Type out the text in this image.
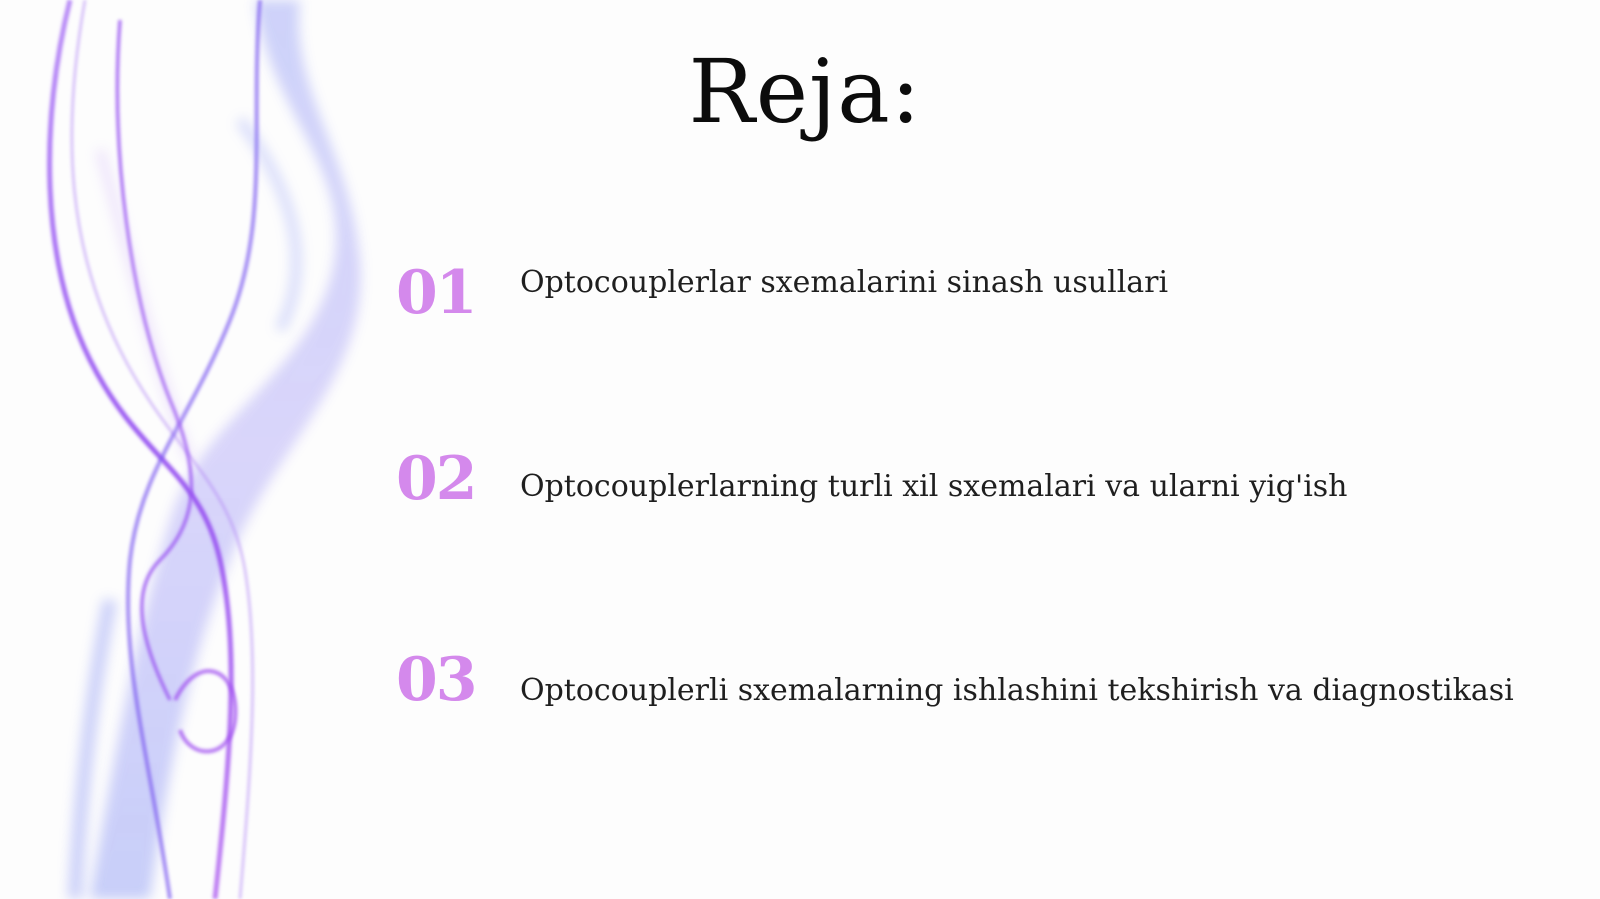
Reja:
01 Optocouplerlar sxemalarini sinash usullari
02 Optocouplerlarning turli xil sxemalari va ularni yig'ish
03 Optocouplerli sxemalarning ishlashini tekshirish va diagnostikasi
